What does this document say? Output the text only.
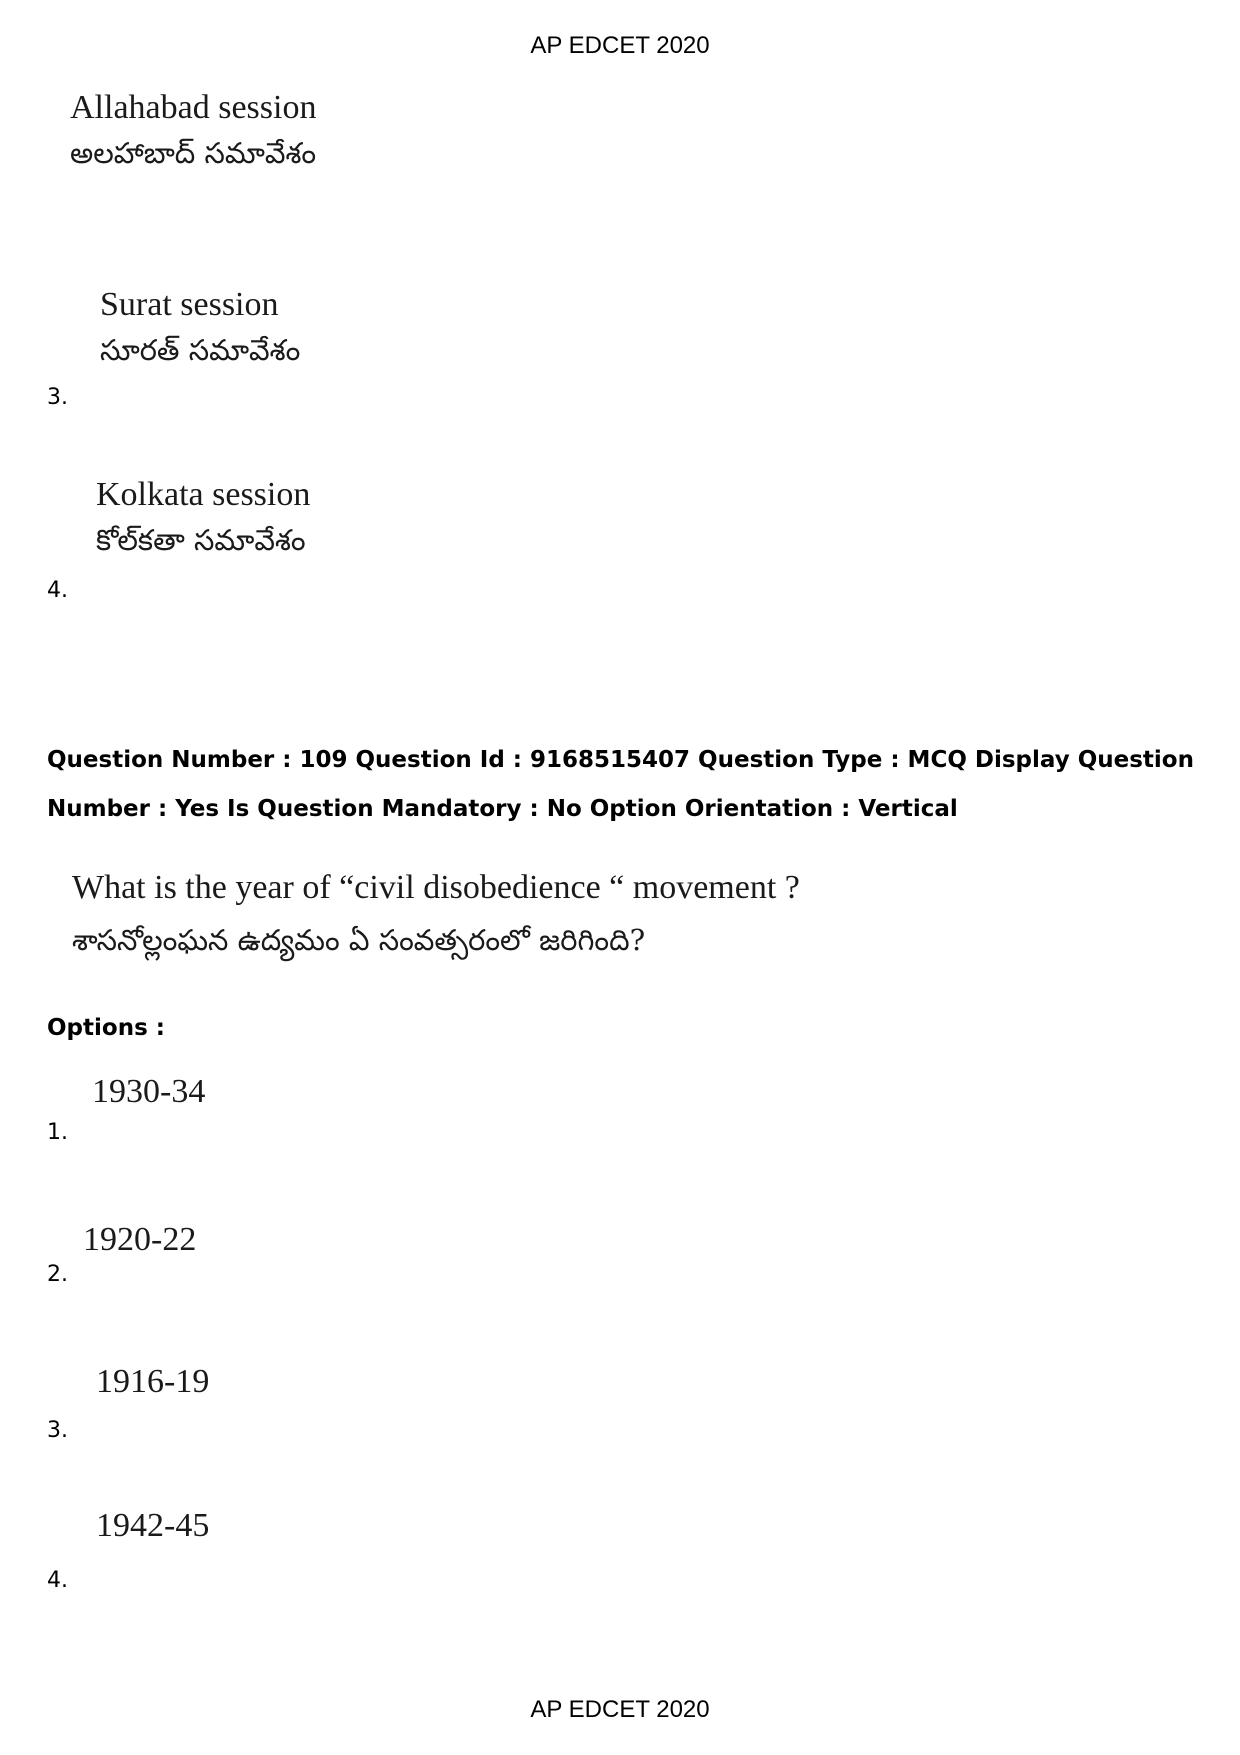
AP EDCET 2020
Allahabad session
అలహాబాద్ సమావేశం
Surat session
సూరత్ సమావేశం
3.
Kolkata session
కోల్‌కతా సమావేశం
4.
Question Number : 109 Question Id : 9168515407 Question Type : MCQ Display Question
Number : Yes Is Question Mandatory : No Option Orientation : Vertical
What is the year of “civil disobedience “ movement ?
శాసనోల్లంఘన ఉద్యమం ఏ సంవత్సరంలో జరిగింది?
Options :
1930-34
1.
1920-22
2.
1916-19
3.
1942-45
4.
AP EDCET 2020
